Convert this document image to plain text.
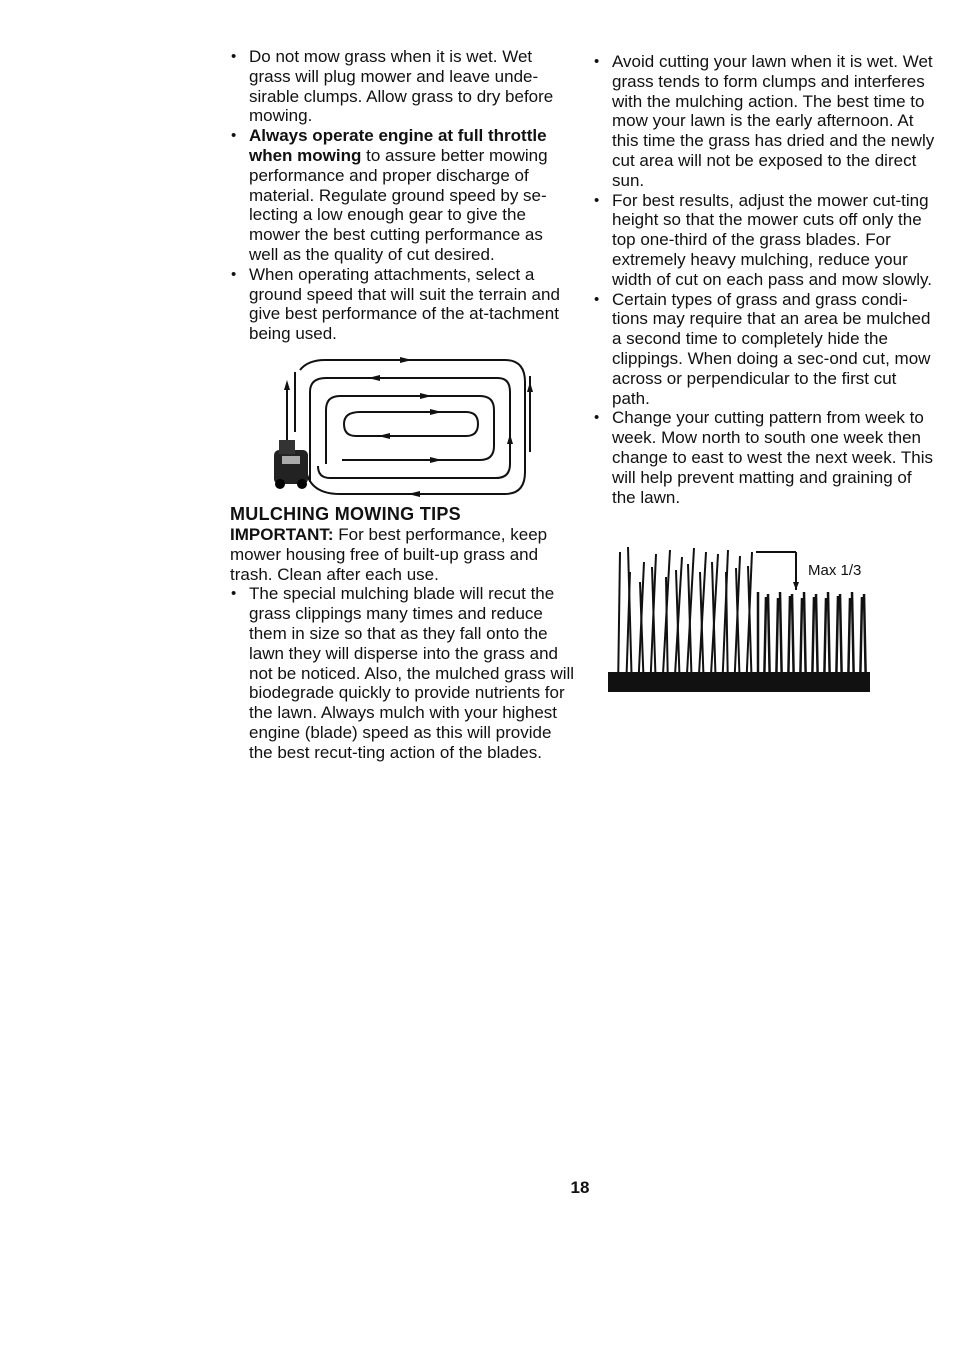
• Do not mow grass when it is wet. Wet grass will plug mower and leave unde-sirable clumps. Allow grass to dry before mowing.
• Always operate engine at full throttle when mowing to assure better mowing performance and proper discharge of material. Regulate ground speed by se-lecting a low enough gear to give the mower the best cutting performance as well as the quality of cut desired.
• When operating attachments, select a ground speed that will suit the terrain and give best performance of the at-tachment being used.

MULCHING MOWING TIPS

IMPORTANT: For best performance, keep mower housing free of built-up grass and trash. Clean after each use.

• The special mulching blade will recut the grass clippings many times and reduce them in size so that as they fall onto the lawn they will disperse into the grass and not be noticed. Also, the mulched grass will biodegrade quickly to provide nutrients for the lawn. Always mulch with your highest engine (blade) speed as this will provide the best recut-ting action of the blades.
• Avoid cutting your lawn when it is wet. Wet grass tends to form clumps and interferes with the mulching action. The best time to mow your lawn is the early afternoon. At this time the grass has dried and the newly cut area will not be exposed to the direct sun.
• For best results, adjust the mower cut-ting height so that the mower cuts off only the top one-third of the grass blades. For extremely heavy mulching, reduce your width of cut on each pass and mow slowly.
• Certain types of grass and grass condi-tions may require that an area be mulched a second time to completely hide the clippings. When doing a sec-ond cut, mow across or perpendicular to the first cut path.
• Change your cutting pattern from week to week. Mow north to south one week then change to east to west the next week. This will help prevent matting and graining of the lawn.
Max 1/3
18
